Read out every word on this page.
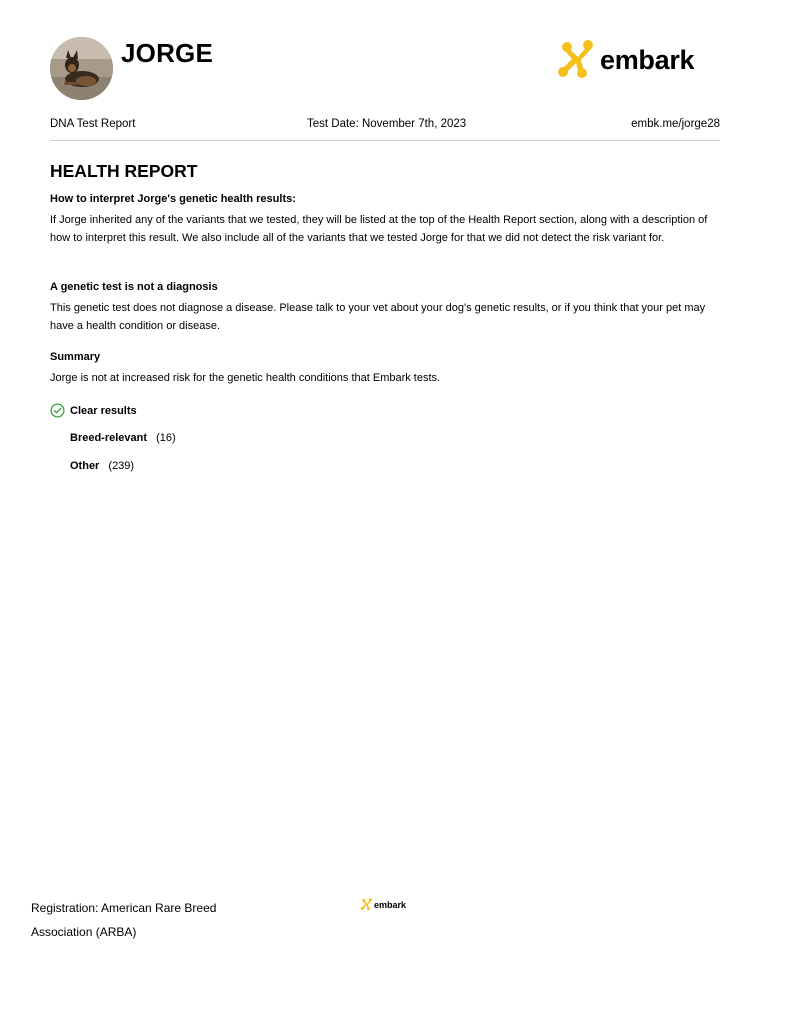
JORGE	embark
DNA Test Report	Test Date: November 7th, 2023	embk.me/jorge28
HEALTH REPORT
How to interpret Jorge's genetic health results:

If Jorge inherited any of the variants that we tested, they will be listed at the top of the Health Report section, along with a description of how to interpret this result. We also include all of the variants that we tested Jorge for that we did not detect the risk variant for.

A genetic test is not a diagnosis

This genetic test does not diagnose a disease. Please talk to your vet about your dog's genetic results, or if you think that your pet may have a health condition or disease.

Summary

Jorge is not at increased risk for the genetic health conditions that Embark tests.

Clear results
Breed-relevant (16)
Other (239)
Registration: American Rare Breed Association (ARBA)
embark
